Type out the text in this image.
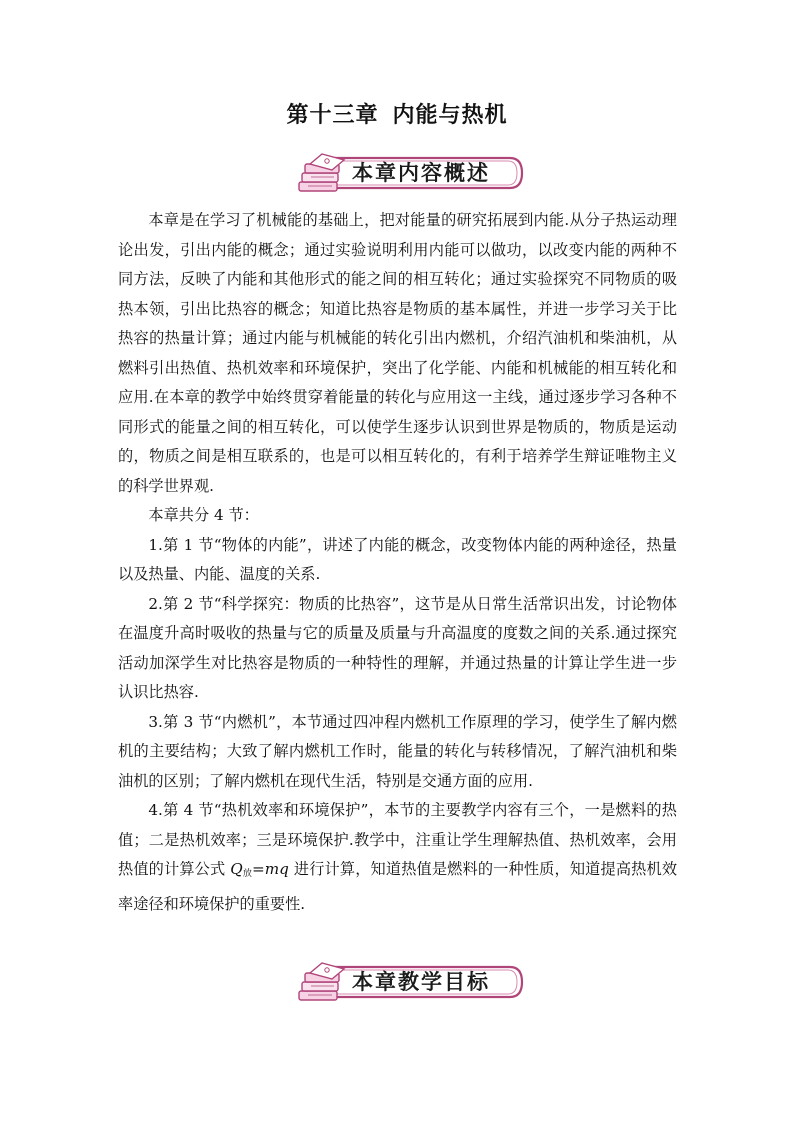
第十三章 内能与热机
本章内容概述

本章是在学习了机械能的基础上，把对能量的研究拓展到内能.从分子热运动理论出发，引出内能的概念；通过实验说明利用内能可以做功，以改变内能的两种不同方法，反映了内能和其他形式的能之间的相互转化；通过实验探究不同物质的吸热本领，引出比热容的概念；知道比热容是物质的基本属性，并进一步学习关于比热容的热量计算；通过内能与机械能的转化引出内燃机，介绍汽油机和柴油机，从燃料引出热值、热机效率和环境保护，突出了化学能、内能和机械能的相互转化和应用.在本章的教学中始终贯穿着能量的转化与应用这一主线，通过逐步学习各种不同形式的能量之间的相互转化，可以使学生逐步认识到世界是物质的，物质是运动的，物质之间是相互联系的，也是可以相互转化的，有利于培养学生辩证唯物主义的科学世界观.

本章共分 4 节：

1.第 1 节“物体的内能”，讲述了内能的概念，改变物体内能的两种途径，热量以及热量、内能、温度的关系.

2.第 2 节“科学探究：物质的比热容”，这节是从日常生活常识出发，讨论物体在温度升高时吸收的热量与它的质量及质量与升高温度的度数之间的关系.通过探究活动加深学生对比热容是物质的一种特性的理解，并通过热量的计算让学生进一步认识比热容.

3.第 3 节“内燃机”，本节通过四冲程内燃机工作原理的学习，使学生了解内燃机的主要结构；大致了解内燃机工作时，能量的转化与转移情况，了解汽油机和柴油机的区别；了解内燃机在现代生活，特别是交通方面的应用.

4.第 4 节“热机效率和环境保护”，本节的主要教学内容有三个，一是燃料的热值；二是热机效率；三是环境保护.教学中，注重让学生理解热值、热机效率，会用热值的计算公式 $Q_放=mq$ 进行计算，知道热值是燃料的一种性质，知道提高热机效率途径和环境保护的重要性.

本章教学目标
